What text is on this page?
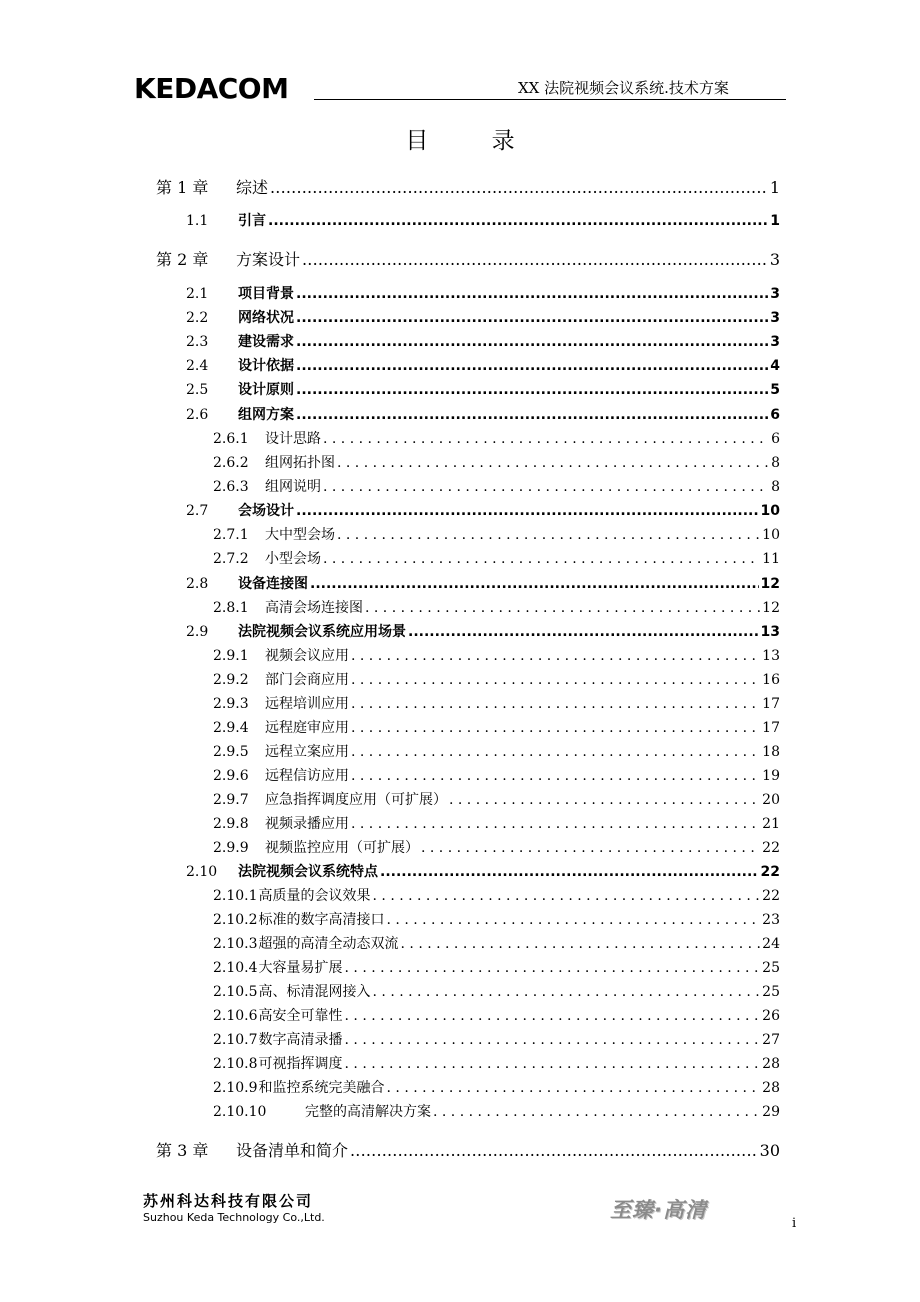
KEDACOM	XX 法院视频会议系统.技术方案
目 录
第 1 章	综述 .....	1
1.1	引言 .....	1
第 2 章	方案设计 .....	3
2.1	项目背景 .....	3
2.2	网络状况 .....	3
2.3	建设需求 .....	3
2.4	设计依据 .....	4
2.5	设计原则 .....	5
2.6	组网方案 .....	6
2.6.1	设计思路 . . .	6
2.6.2	组网拓扑图 . . .	8
2.6.3	组网说明 . . .	8
2.7	会场设计 .....	10
2.7.1	大中型会场 . . .	10
2.7.2	小型会场 . . .	11
2.8	设备连接图 .....	12
2.8.1	高清会场连接图 . . .	12
2.9	法院视频会议系统应用场景 .....	13
2.9.1	视频会议应用 . . .	13
2.9.2	部门会商应用 . . .	16
2.9.3	远程培训应用 . . .	17
2.9.4	远程庭审应用 . . .	17
2.9.5	远程立案应用 . . .	18
2.9.6	远程信访应用 . . .	19
2.9.7	应急指挥调度应用（可扩展） . . .	20
2.9.8	视频录播应用 . . .	21
2.9.9	视频监控应用（可扩展） . . .	22
2.10	法院视频会议系统特点 .....	22
2.10.1 高质量的会议效果 . . .	22
2.10.2 标准的数字高清接口 . . .	23
2.10.3 超强的高清全动态双流 . . .	24
2.10.4 大容量易扩展 . . .	25
2.10.5 高、标清混网接入 . . .	25
2.10.6 高安全可靠性 . . .	26
2.10.7 数字高清录播 . . .	27
2.10.8 可视指挥调度 . . .	28
2.10.9 和监控系统完美融合 . . .	28
2.10.10	完整的高清解决方案 . . .	29
第 3 章	设备清单和简介 .....	30
苏州科达科技有限公司
Suzhou Keda Technology Co.,Ltd.	至臻·高清
i
